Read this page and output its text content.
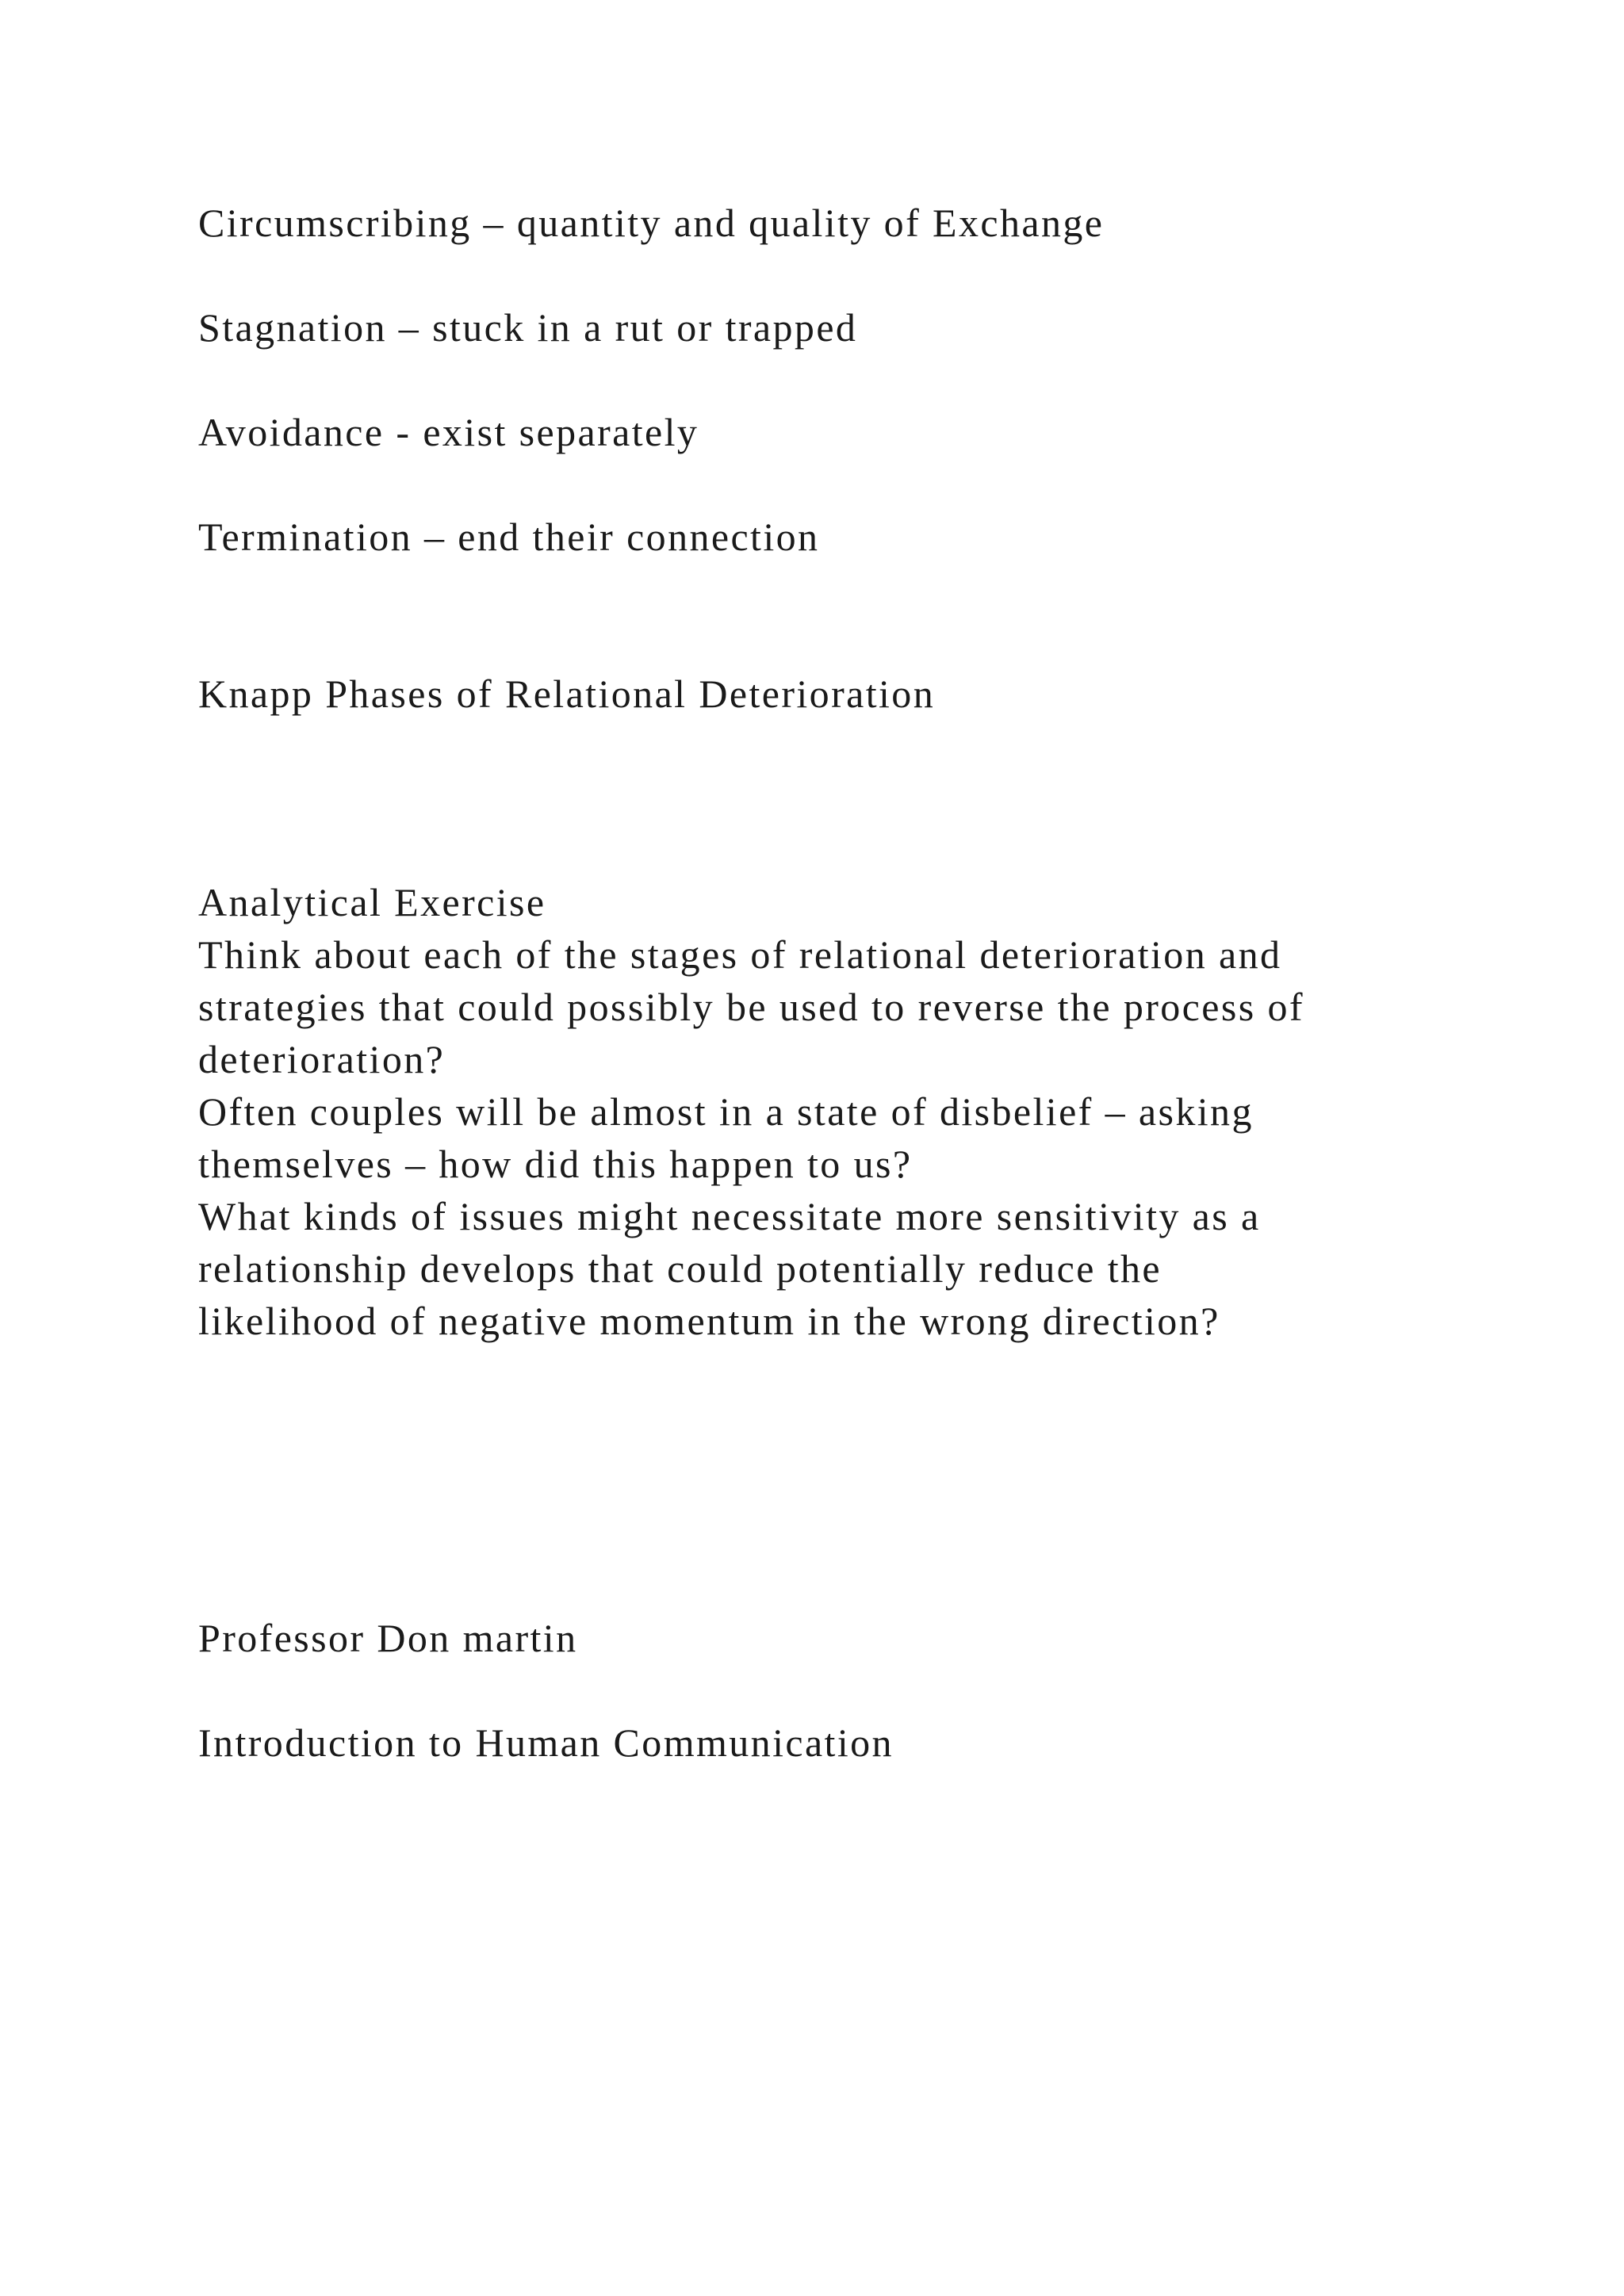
Circumscribing – quantity and quality of Exchange

Stagnation – stuck in a rut or trapped

Avoidance - exist separately

Termination – end their connection

Knapp Phases of Relational Deterioration

Analytical Exercise

Think about each of the stages of relational deterioration and

strategies that could possibly be used to reverse the process of

deterioration?

Often couples will be almost in a state of disbelief – asking

themselves – how did this happen to us?

What kinds of issues might necessitate more sensitivity as a

relationship develops that could potentially reduce the

likelihood of negative momentum in the wrong direction?

Professor Don martin

Introduction to Human Communication
